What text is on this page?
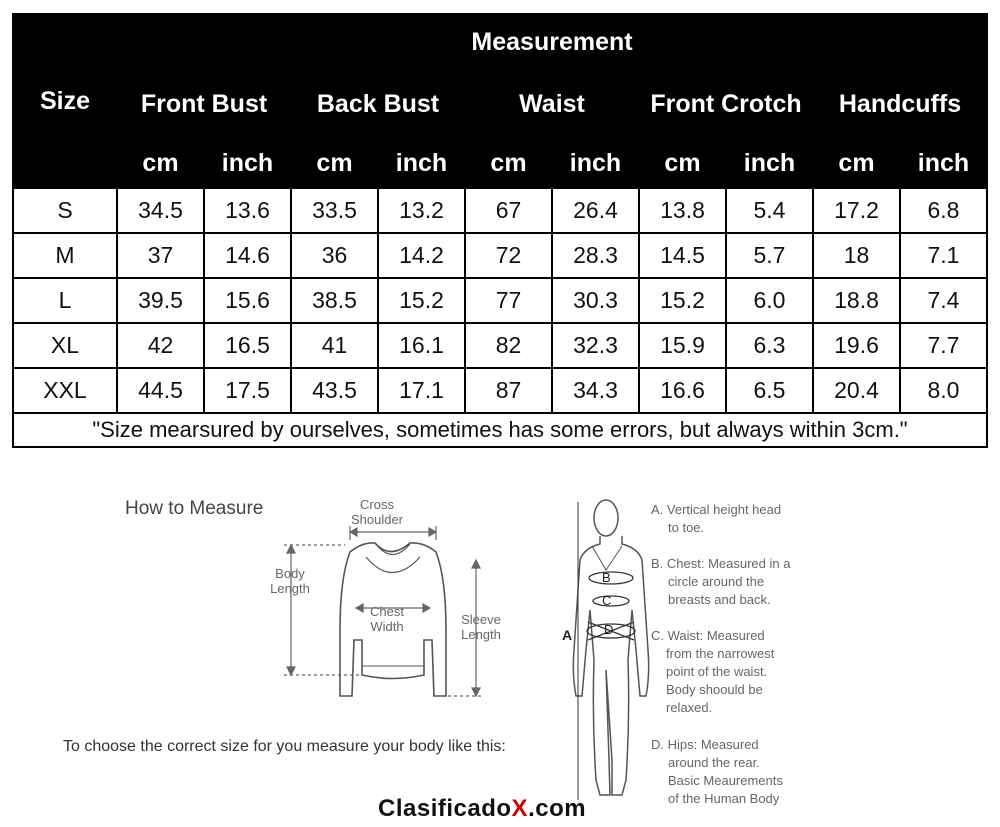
Size	Measurement									
	Front Bust		Back Bust		Waist		Front Crotch		Handcuffs	
	cm	inch	cm	inch	cm	inch	cm	inch	cm	inch
S	34.5	13.6	33.5	13.2	67	26.4	13.8	5.4	17.2	6.8
M	37	14.6	36	14.2	72	28.3	14.5	5.7	18	7.1
L	39.5	15.6	38.5	15.2	77	30.3	15.2	6.0	18.8	7.4
XL	42	16.5	41	16.1	82	32.3	15.9	6.3	19.6	7.7
XXL	44.5	17.5	43.5	17.1	87	34.3	16.6	6.5	20.4	8.0
"Size mearsured by ourselves, sometimes has some errors, but always within 3cm."										
How to Measure	Cross
Shoulder
Body
Length
Chest
Width	Sleeve
Length
To choose the correct size for you measure your body like this:
A
B
C
D
A. Vertical height head
to toe.
B. Chest: Measured in a
circle around the
breasts and back.
C. Waist: Measured
from the narrowest
point of the waist.
Body shoould be
relaxed.
D. Hips: Measured
around the rear.
Basic Meaurements
of the Human Body
ClasificadoX.com
